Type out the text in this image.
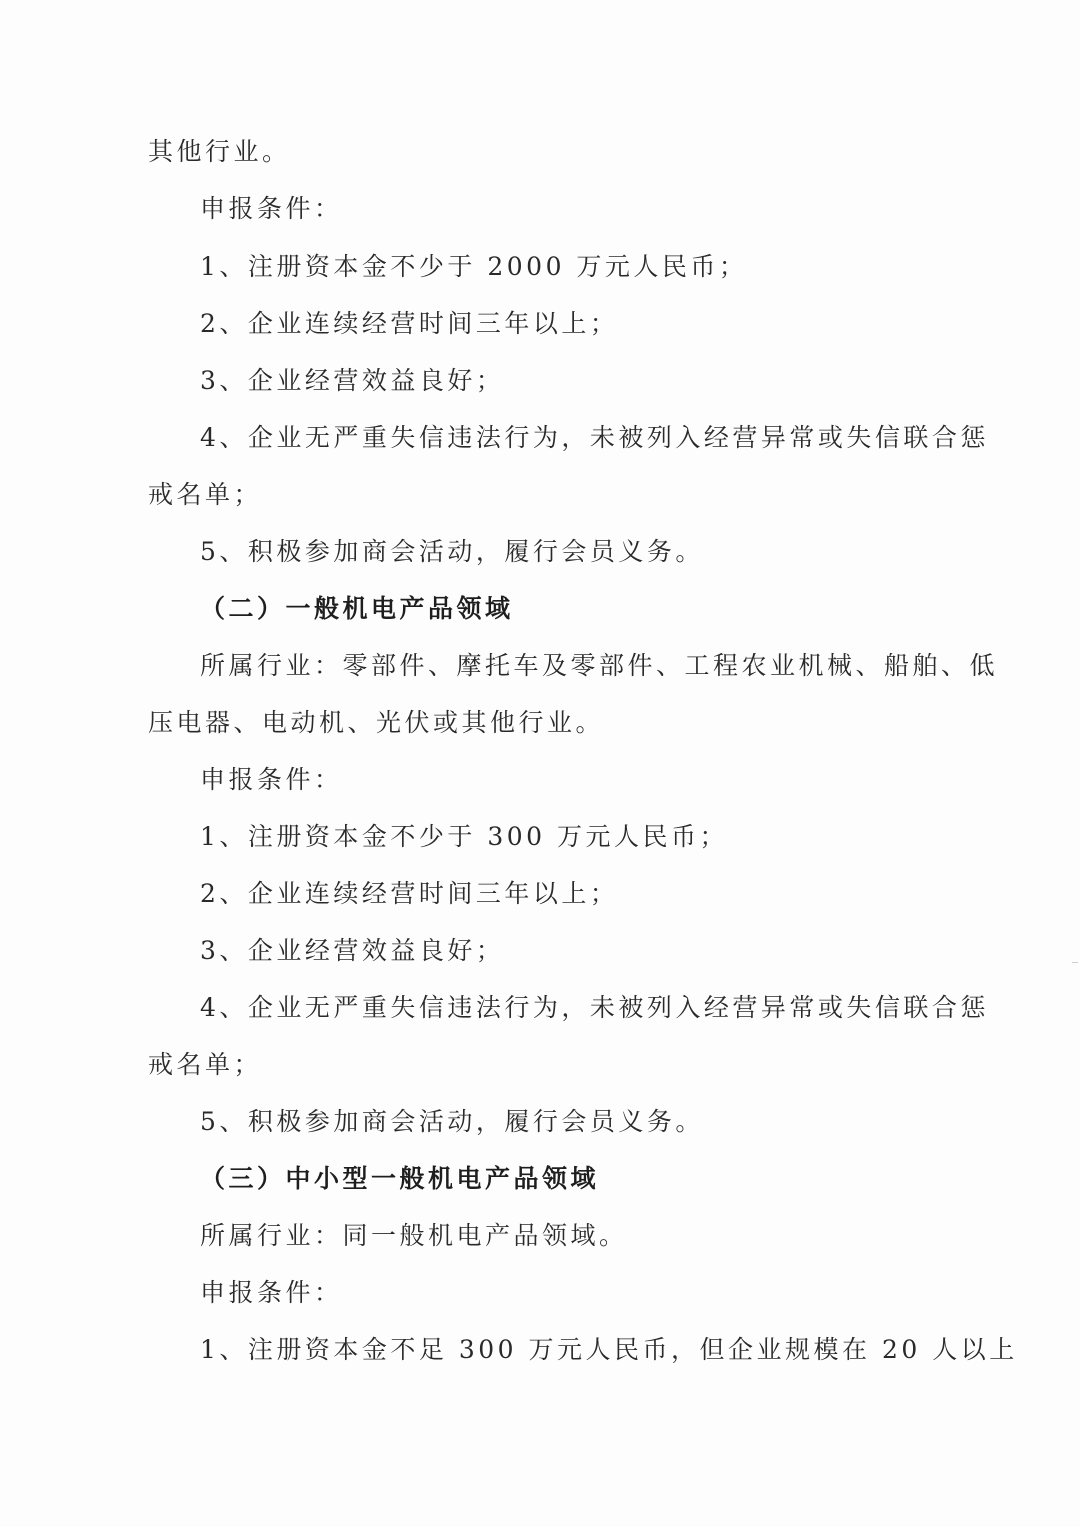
其他行业。
申报条件：
1、注册资本金不少于 2000 万元人民币；
2、企业连续经营时间三年以上；
3、企业经营效益良好；
4、企业无严重失信违法行为，未被列入经营异常或失信联合惩
戒名单；
5、积极参加商会活动，履行会员义务。
（二）一般机电产品领域
所属行业：零部件、摩托车及零部件、工程农业机械、船舶、低
压电器、电动机、光伏或其他行业。
申报条件：
1、注册资本金不少于 300 万元人民币；
2、企业连续经营时间三年以上；
3、企业经营效益良好；
4、企业无严重失信违法行为，未被列入经营异常或失信联合惩
戒名单；
5、积极参加商会活动，履行会员义务。
（三）中小型一般机电产品领域
所属行业：同一般机电产品领域。
申报条件：
1、注册资本金不足 300 万元人民币，但企业规模在 20 人以上
